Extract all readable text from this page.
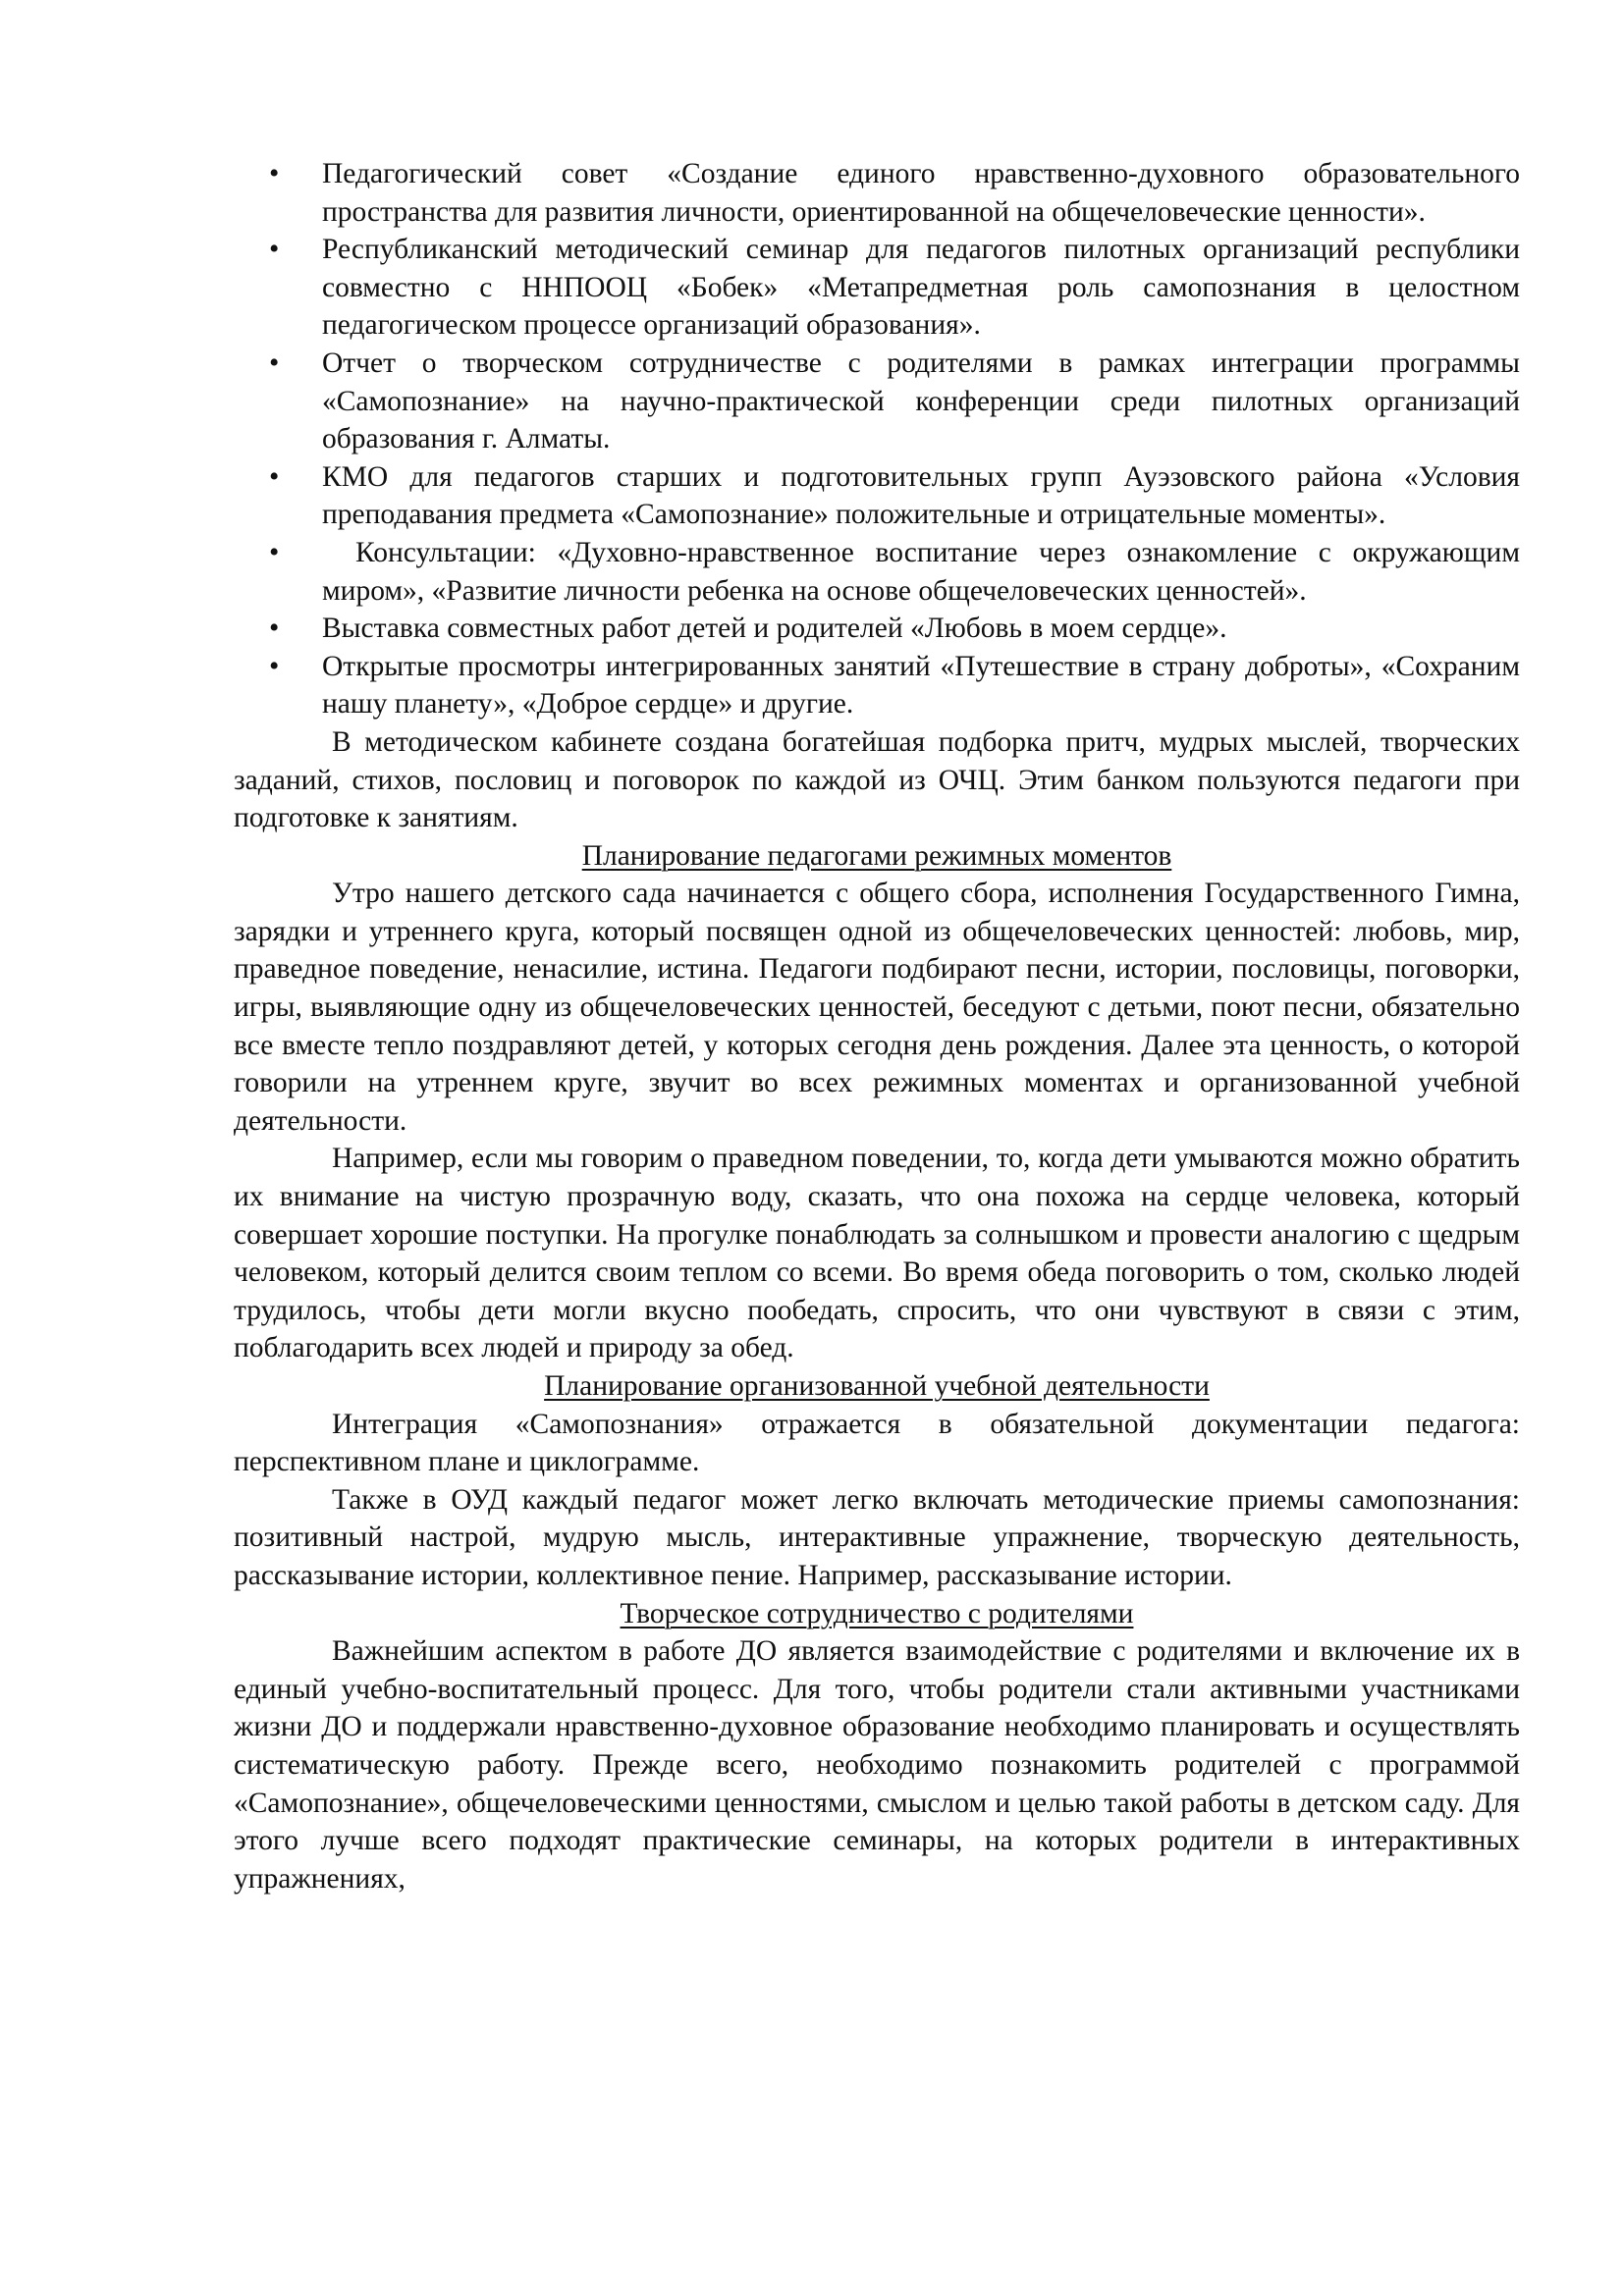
•	Педагогический совет «Создание единого нравственно-духовного образовательного пространства для развития личности, ориентированной на общечеловеческие ценности».
•	Республиканский методический семинар для педагогов пилотных организаций республики совместно с ННПООЦ «Бобек» «Метапредметная роль самопознания в целостном педагогическом процессе организаций образования».
•	Отчет о творческом сотрудничестве с родителями в рамках интеграции программы «Самопознание» на научно-практической конференции среди пилотных организаций образования г. Алматы.
•	КМО для педагогов старших и подготовительных групп Ауэзовского района «Условия преподавания предмета «Самопознание» положительные и отрицательные моменты».
•	Консультации: «Духовно-нравственное воспитание через ознакомление с окружающим миром», «Развитие личности ребенка на основе общечеловеческих ценностей».
•	Выставка совместных работ детей и родителей «Любовь в моем сердце».
•	Открытые просмотры интегрированных занятий «Путешествие в страну доброты», «Сохраним нашу планету», «Доброе сердце» и другие.

В методическом кабинете создана богатейшая подборка притч, мудрых мыслей, творческих заданий, стихов, пословиц и поговорок по каждой из ОЧЦ. Этим банком пользуются педагоги при подготовке к занятиям.

Планирование педагогами режимных моментов

Утро нашего детского сада начинается с общего сбора, исполнения Государственного Гимна, зарядки и утреннего круга, который посвящен одной из общечеловеческих ценностей: любовь, мир, праведное поведение, ненасилие, истина. Педагоги подбирают песни, истории, пословицы, поговорки, игры, выявляющие одну из общечеловеческих ценностей, беседуют с детьми, поют песни, обязательно все вместе тепло поздравляют детей, у которых сегодня день рождения. Далее эта ценность, о которой говорили на утреннем круге, звучит во всех режимных моментах и организованной учебной деятельности.

Например, если мы говорим о праведном поведении, то, когда дети умываются можно обратить их внимание на чистую прозрачную воду, сказать, что она похожа на сердце человека, который совершает хорошие поступки. На прогулке понаблюдать за солнышком и провести аналогию с щедрым человеком, который делится своим теплом со всеми. Во время обеда поговорить о том, сколько людей трудилось, чтобы дети могли вкусно пообедать, спросить, что они чувствуют в связи с этим, поблагодарить всех людей и природу за обед.

Планирование организованной учебной деятельности

Интеграция «Самопознания» отражается в обязательной документации педагога: перспективном плане и циклограмме.

Также в ОУД каждый педагог может легко включать методические приемы самопознания: позитивный настрой, мудрую мысль, интерактивные упражнение, творческую деятельность, рассказывание истории, коллективное пение. Например, рассказывание истории.

Творческое сотрудничество с родителями

Важнейшим аспектом в работе ДО является взаимодействие с родителями и включение их в единый учебно-воспитательный процесс. Для того, чтобы родители стали активными участниками жизни ДО и поддержали нравственно-духовное образование необходимо планировать и осуществлять систематическую работу. Прежде всего, необходимо познакомить родителей с программой «Самопознание», общечеловеческими ценностями, смыслом и целью такой работы в детском саду. Для этого лучше всего подходят практические семинары, на которых родители в интерактивных упражнениях,
